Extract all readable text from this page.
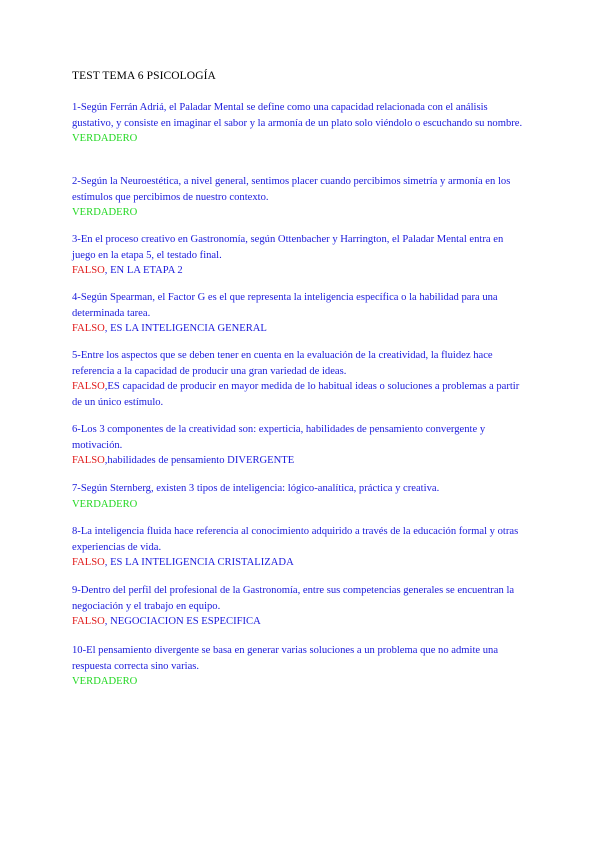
TEST TEMA 6 PSICOLOGÍA
1-Según Ferrán Adriá, el Paladar Mental se define como una capacidad relacionada con el análisis gustativo, y consiste en imaginar el sabor y la armonía de un plato solo viéndolo o escuchando su nombre.
VERDADERO
2-Según la Neuroestética, a nivel general, sentimos placer cuando percibimos simetría y armonía en los estímulos que percibimos de nuestro contexto.
VERDADERO
3-En el proceso creativo en Gastronomía, según Ottenbacher y Harrington, el Paladar Mental entra en juego en la etapa 5, el testado final.
FALSO, EN LA ETAPA 2
4-Según Spearman, el Factor G es el que representa la inteligencia específica o la habilidad para una determinada tarea.
FALSO, ES LA INTELIGENCIA GENERAL
5-Entre los aspectos que se deben tener en cuenta en la evaluación de la creatividad, la fluidez hace referencia a la capacidad de producir una gran variedad de ideas.
FALSO,ES capacidad de producir en mayor medida de lo habitual ideas o soluciones a problemas a partir de un único estímulo.
6-Los 3 componentes de la creatividad son: experticia, habilidades de pensamiento convergente y motivación.
FALSO,habilidades de pensamiento DIVERGENTE
7-Según Sternberg, existen 3 tipos de inteligencia: lógico-analítica, práctica y creativa.
VERDADERO
8-La inteligencia fluida hace referencia al conocimiento adquirido a través de la educación formal y otras experiencias de vida.
FALSO, ES LA INTELIGENCIA CRISTALIZADA
9-Dentro del perfil del profesional de la Gastronomía, entre sus competencias generales se encuentran la negociación y el trabajo en equipo.
FALSO, NEGOCIACION ES ESPECIFICA
10-El pensamiento divergente se basa en generar varias soluciones a un problema que no admite una respuesta correcta sino varias.
VERDADERO
